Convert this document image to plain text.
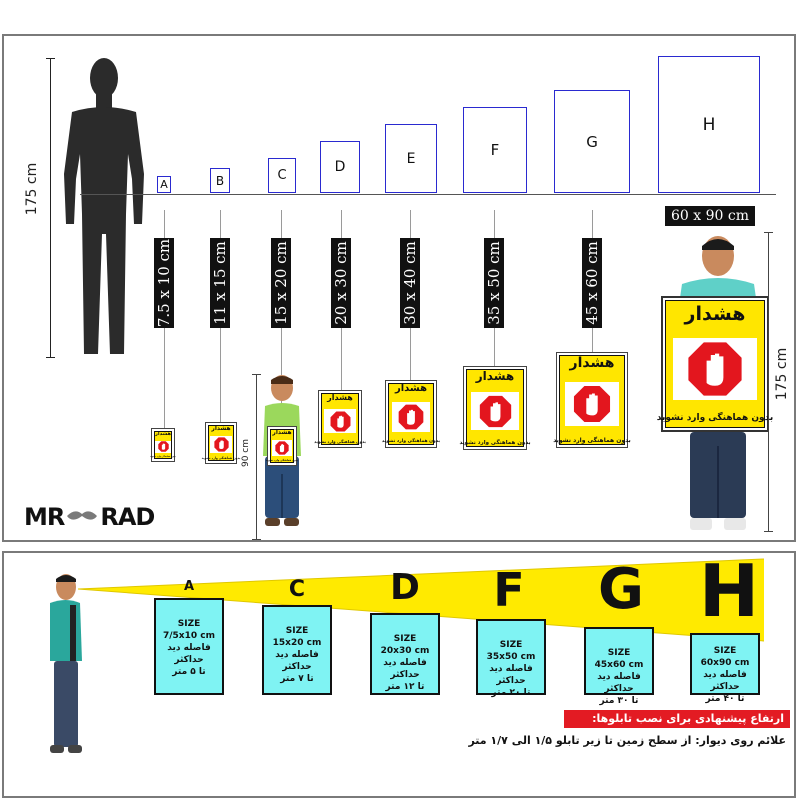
175 cm	A	B	C
D
E	F	G
H
7.5 x 10 cm	11 x 15 cm	15 x 20 cm	20 x 30 cm	30 x 40 cm	35 x 50 cm	45 x 60 cm
60 x 90 cm
هشدار
بدون هماهنگی وارد نشوید
هشدار
بدون هماهنگی وارد نشوید
هشدار
بدون هماهنگی وارد نشوید
هشدار
بدون هماهنگی وارد نشوید
هشدار
بدون هماهنگی وارد نشوید
هشدار
بدون هماهنگی وارد نشوید
90 cm
هشدار
بدون هماهنگی وارد نشوید
هشدار
بدون هماهنگی وارد نشوید
175 cm
MR RAD
A	C	D	F	G H
SIZE
7/5x10 cm
فاصله دید حداکثر
تا ۵ متر
SIZE
15x20 cm
فاصله دید حداکثر
تا ۷ متر
SIZE
20x30 cm
فاصله دید حداکثر
تا ۱۲ متر
SIZE
35x50 cm
فاصله دید حداکثر
تا ۲۰ متر
SIZE
45x60 cm
فاصله دید حداکثر
تا ۳۰ متر
SIZE
60x90 cm
فاصله دید حداکثر
تا ۴۰ متر
ارتفاع پیشنهادی برای نصب تابلوها:
علائم روی دیوار: از سطح زمین تا زیر تابلو ۱/۵ الی ۱/۷ متر
